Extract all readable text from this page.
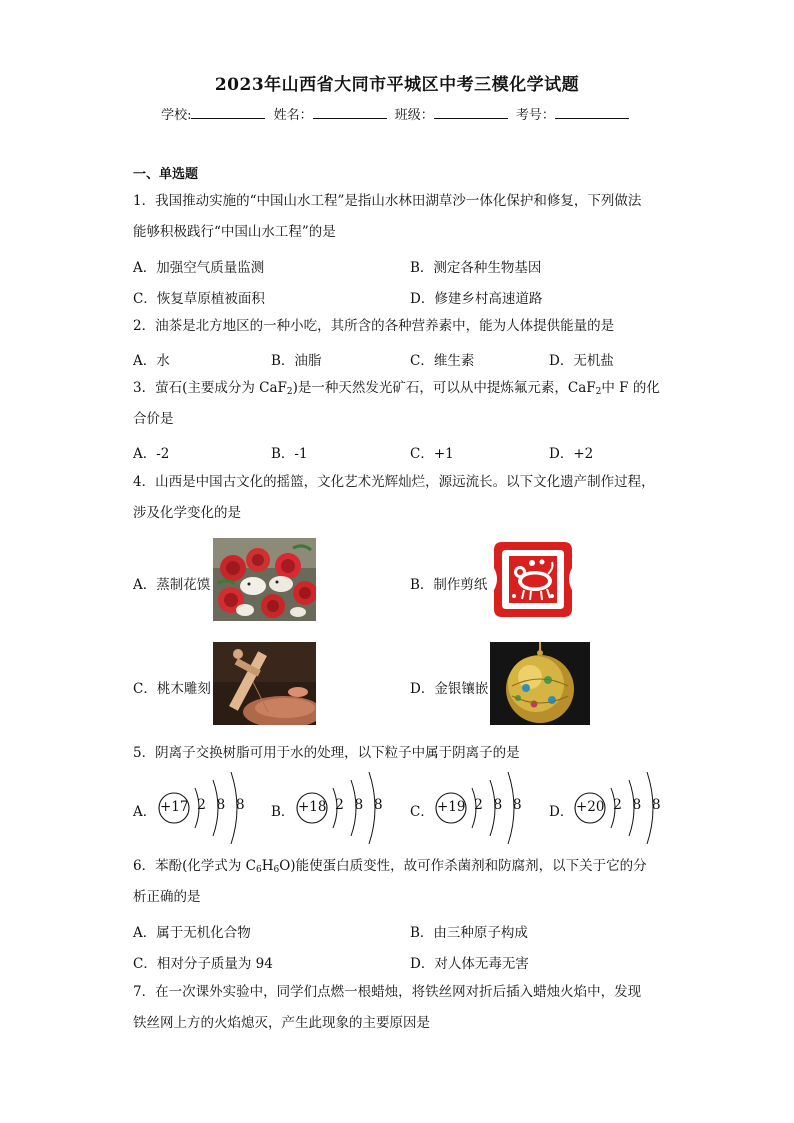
2023年山西省大同市平城区中考三模化学试题
学校:	姓名：	班级：	考号：
一、单选题
1．我国推动实施的“中国山水工程”是指山水林田湖草沙一体化保护和修复，下列做法
能够积极践行“中国山水工程”的是
A．加强空气质量监测	B．测定各种生物基因
C．恢复草原植被面积	D．修建乡村高速道路
2．油茶是北方地区的一种小吃，其所含的各种营养素中，能为人体提供能量的是
A．水	B．油脂	C．维生素	D．无机盐
3．萤石(主要成分为 CaF$_2$)是一种天然发光矿石，可以从中提炼氟元素，CaF$_2$中 F 的化
合价是
A．-2	B．-1	C．+1	D．+2
4．山西是中国古文化的摇篮，文化艺术光辉灿烂，源远流长。以下文化遗产制作过程，
涉及化学变化的是
A．蒸制花馍	B．制作剪纸
C．桃木雕刻	D．金银镶嵌
5．阴离子交换树脂可用于水的处理，以下粒子中属于阴离子的是
A． +17 2 8 8 B． +18 2 8 8 C． +19 2 8 8 D． +20 2 8 8
6．苯酚(化学式为 $C_6H_6O$)能使蛋白质变性，故可作杀菌剂和防腐剂，以下关于它的分
析正确的是
A．属于无机化合物	B．由三种原子构成
C．相对分子质量为 94	D．对人体无毒无害
7．在一次课外实验中，同学们点燃一根蜡烛，将铁丝网对折后插入蜡烛火焰中，发现
铁丝网上方的火焰熄灭，产生此现象的主要原因是
